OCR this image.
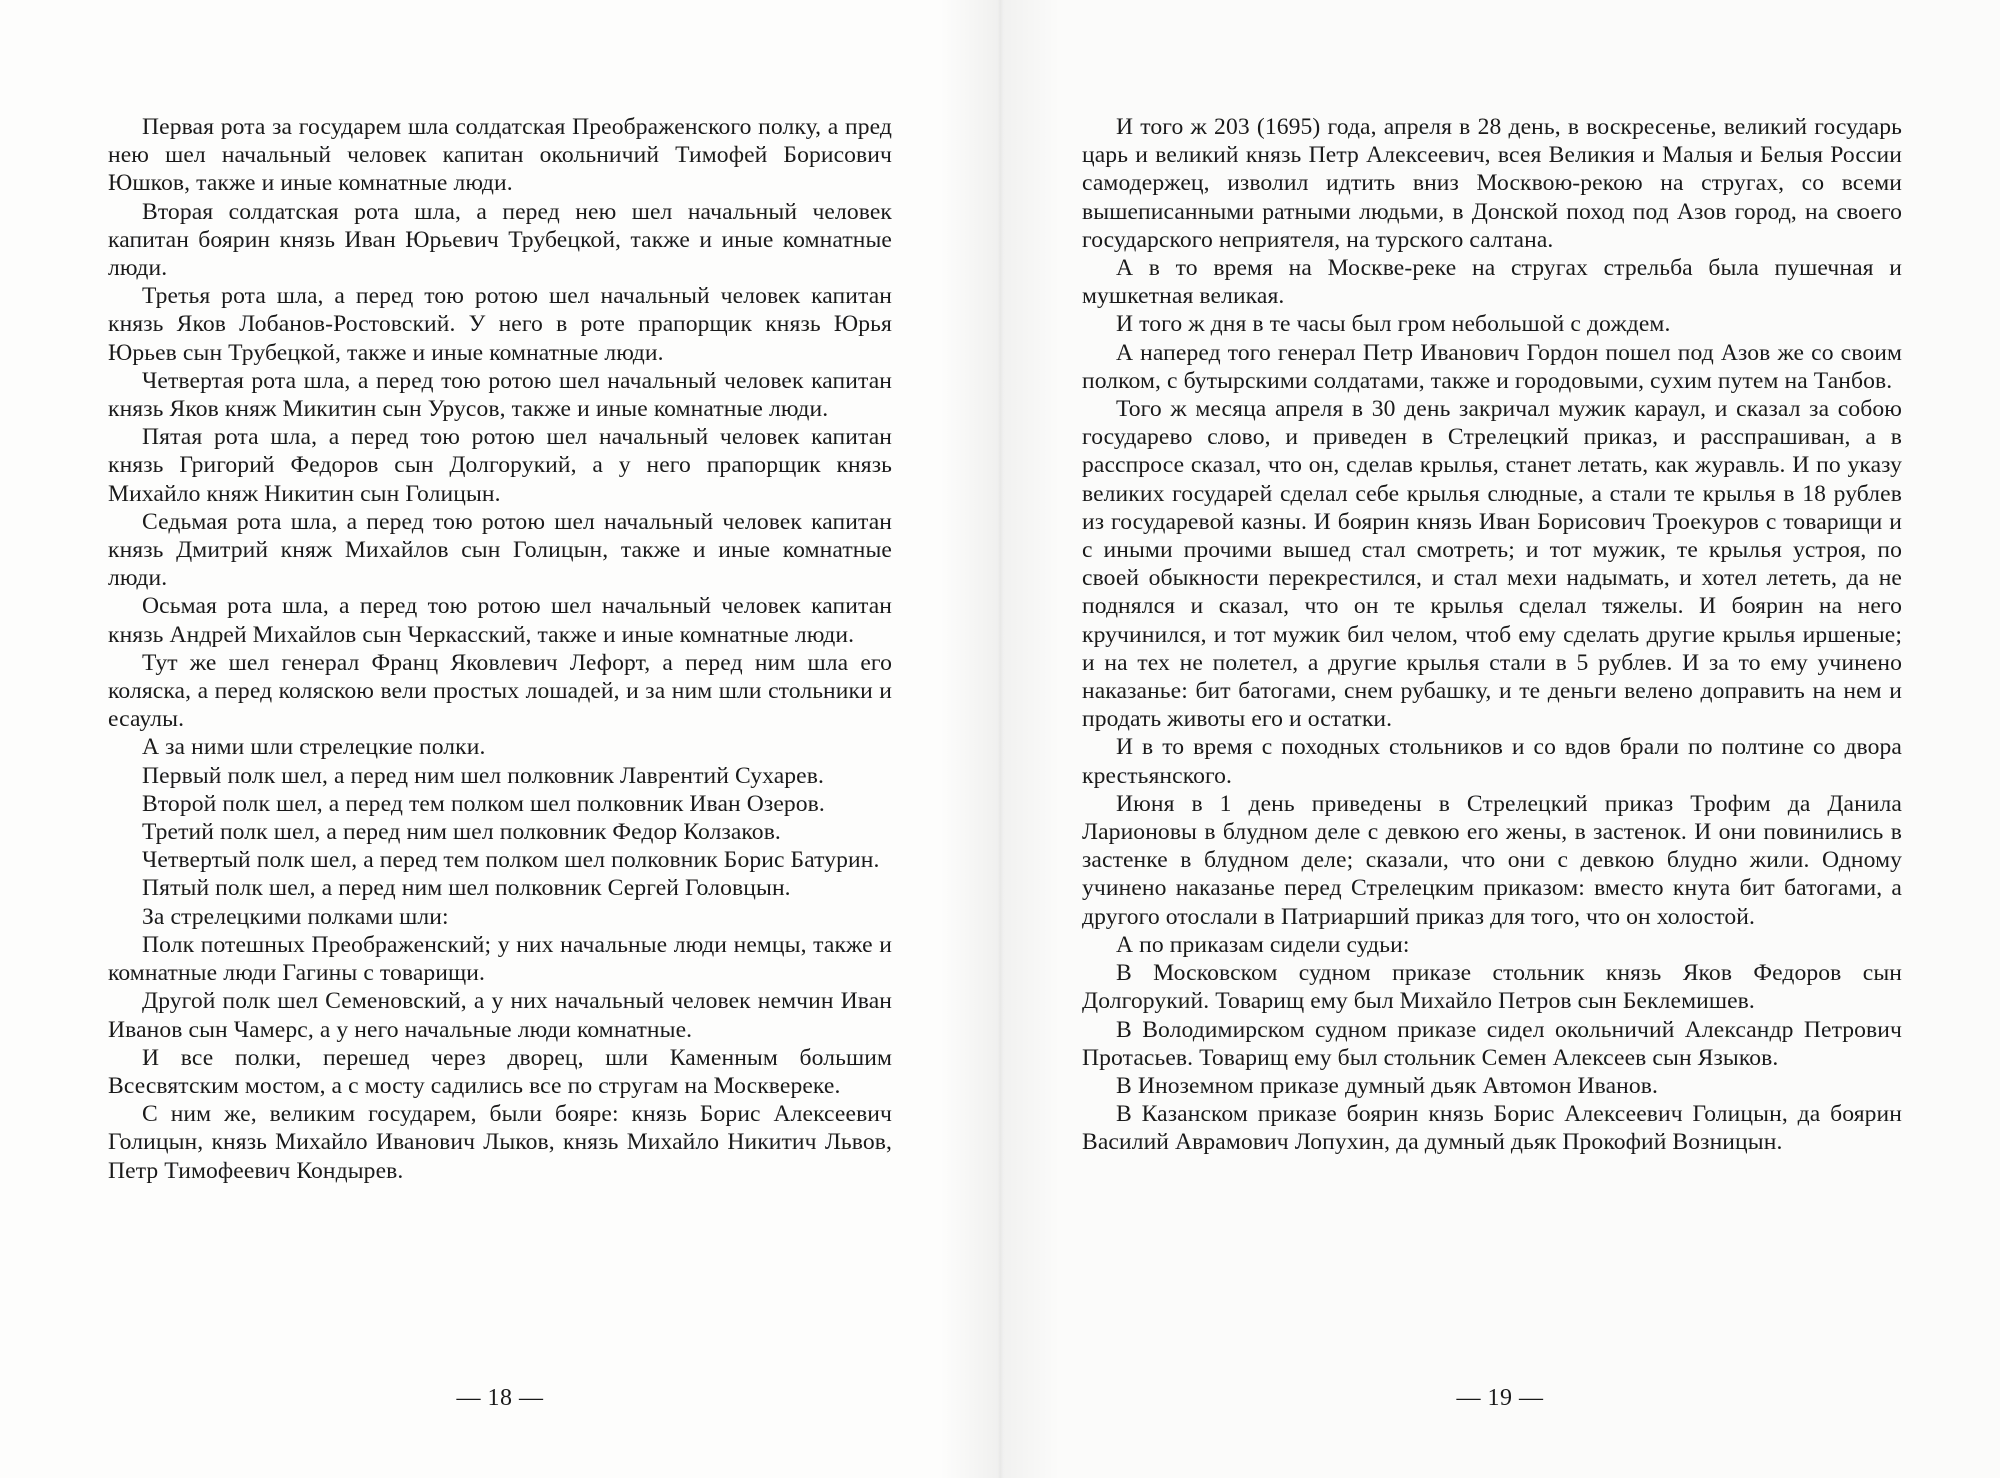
Первая рота за государем шла солдатская Преображенского полку, а пред нею шел начальный человек капитан окольничий Тимофей Борисович Юшков, также и иные комнатные люди.

Вторая солдатская рота шла, а перед нею шел начальный человек капитан боярин князь Иван Юрьевич Трубецкой, также и иные комнатные люди.

Третья рота шла, а перед тою ротою шел начальный человек капитан князь Яков Лобанов-Ростовский. У него в роте прапорщик князь Юрья Юрьев сын Трубецкой, также и иные комнатные люди.

Четвертая рота шла, а перед тою ротою шел начальный человек капитан князь Яков княж Микитин сын Урусов, также и иные комнатные люди.

Пятая рота шла, а перед тою ротою шел начальный человек капитан князь Григорий Федоров сын Долгорукий, а у него прапорщик князь Михайло княж Никитин сын Голицын.

Седьмая рота шла, а перед тою ротою шел начальный человек капитан князь Дмитрий княж Михайлов сын Голицын, также и иные комнатные люди.

Осьмая рота шла, а перед тою ротою шел начальный человек капитан князь Андрей Михайлов сын Черкасский, также и иные комнатные люди.

Тут же шел генерал Франц Яковлевич Лефорт, а перед ним шла его коляска, а перед коляскою вели простых лошадей, и за ним шли стольники и есаулы.

А за ними шли стрелецкие полки.

Первый полк шел, а перед ним шел полковник Лаврентий Сухарев.

Второй полк шел, а перед тем полком шел полковник Иван Озеров.

Третий полк шел, а перед ним шел полковник Федор Колзаков.

Четвертый полк шел, а перед тем полком шел полковник Борис Батурин.

Пятый полк шел, а перед ним шел полковник Сергей Головцын.

За стрелецкими полками шли:

Полк потешных Преображенский; у них начальные люди немцы, также и комнатные люди Гагины с товарищи.

Другой полк шел Семеновский, а у них начальный человек немчин Иван Иванов сын Чамерс, а у него начальные люди комнатные.

И все полки, перешед через дворец, шли Каменным большим Всесвятским мостом, а с мосту садились все по стругам на Москвереке.

С ним же, великим государем, были бояре: князь Борис Алексеевич Голицын, князь Михайло Иванович Лыков, князь Михайло Никитич Львов, Петр Тимофеевич Кондырев.

— 18 —

И того ж 203 (1695) года, апреля в 28 день, в воскресенье, великий государь царь и великий князь Петр Алексеевич, всея Великия и Малыя и Белыя России самодержец, изволил идтить вниз Москвою-рекою на стругах, со всеми вышеписанными ратными людьми, в Донской поход под Азов город, на своего государского неприятеля, на турского салтана.

А в то время на Москве-реке на стругах стрельба была пушечная и мушкетная великая.

И того ж дня в те часы был гром небольшой с дождем.

А наперед того генерал Петр Иванович Гордон пошел под Азов же со своим полком, с бутырскими солдатами, также и городовыми, сухим путем на Танбов.

Того ж месяца апреля в 30 день закричал мужик караул, и сказал за собою государево слово, и приведен в Стрелецкий приказ, и расспрашиван, а в расспросе сказал, что он, сделав крылья, станет летать, как журавль. И по указу великих государей сделал себе крылья слюдные, а стали те крылья в 18 рублев из государевой казны. И боярин князь Иван Борисович Троекуров с товарищи и с иными прочими вышед стал смотреть; и тот мужик, те крылья устроя, по своей обыкности перекрестился, и стал мехи надымать, и хотел лететь, да не поднялся и сказал, что он те крылья сделал тяжелы. И боярин на него кручинился, и тот мужик бил челом, чтоб ему сделать другие крылья иршеные; и на тех не полетел, а другие крылья стали в 5 рублев. И за то ему учинено наказанье: бит батогами, снем рубашку, и те деньги велено доправить на нем и продать животы его и остатки.

И в то время с походных стольников и со вдов брали по полтине со двора крестьянского.

Июня в 1 день приведены в Стрелецкий приказ Трофим да Данила Ларионовы в блудном деле с девкою его жены, в застенок. И они повинились в застенке в блудном деле; сказали, что они с девкою блудно жили. Одному учинено наказанье перед Стрелецким приказом: вместо кнута бит батогами, а другого отослали в Патриарший приказ для того, что он холостой.

А по приказам сидели судьи:

В Московском судном приказе стольник князь Яков Федоров сын Долгорукий. Товарищ ему был Михайло Петров сын Беклемишев.

В Володимирском судном приказе сидел окольничий Александр Петрович Протасьев. Товарищ ему был стольник Семен Алексеев сын Языков.

В Иноземном приказе думный дьяк Автомон Иванов.

В Казанском приказе боярин князь Борис Алексеевич Голицын, да боярин Василий Аврамович Лопухин, да думный дьяк Прокофий Возницын.

— 19 —
